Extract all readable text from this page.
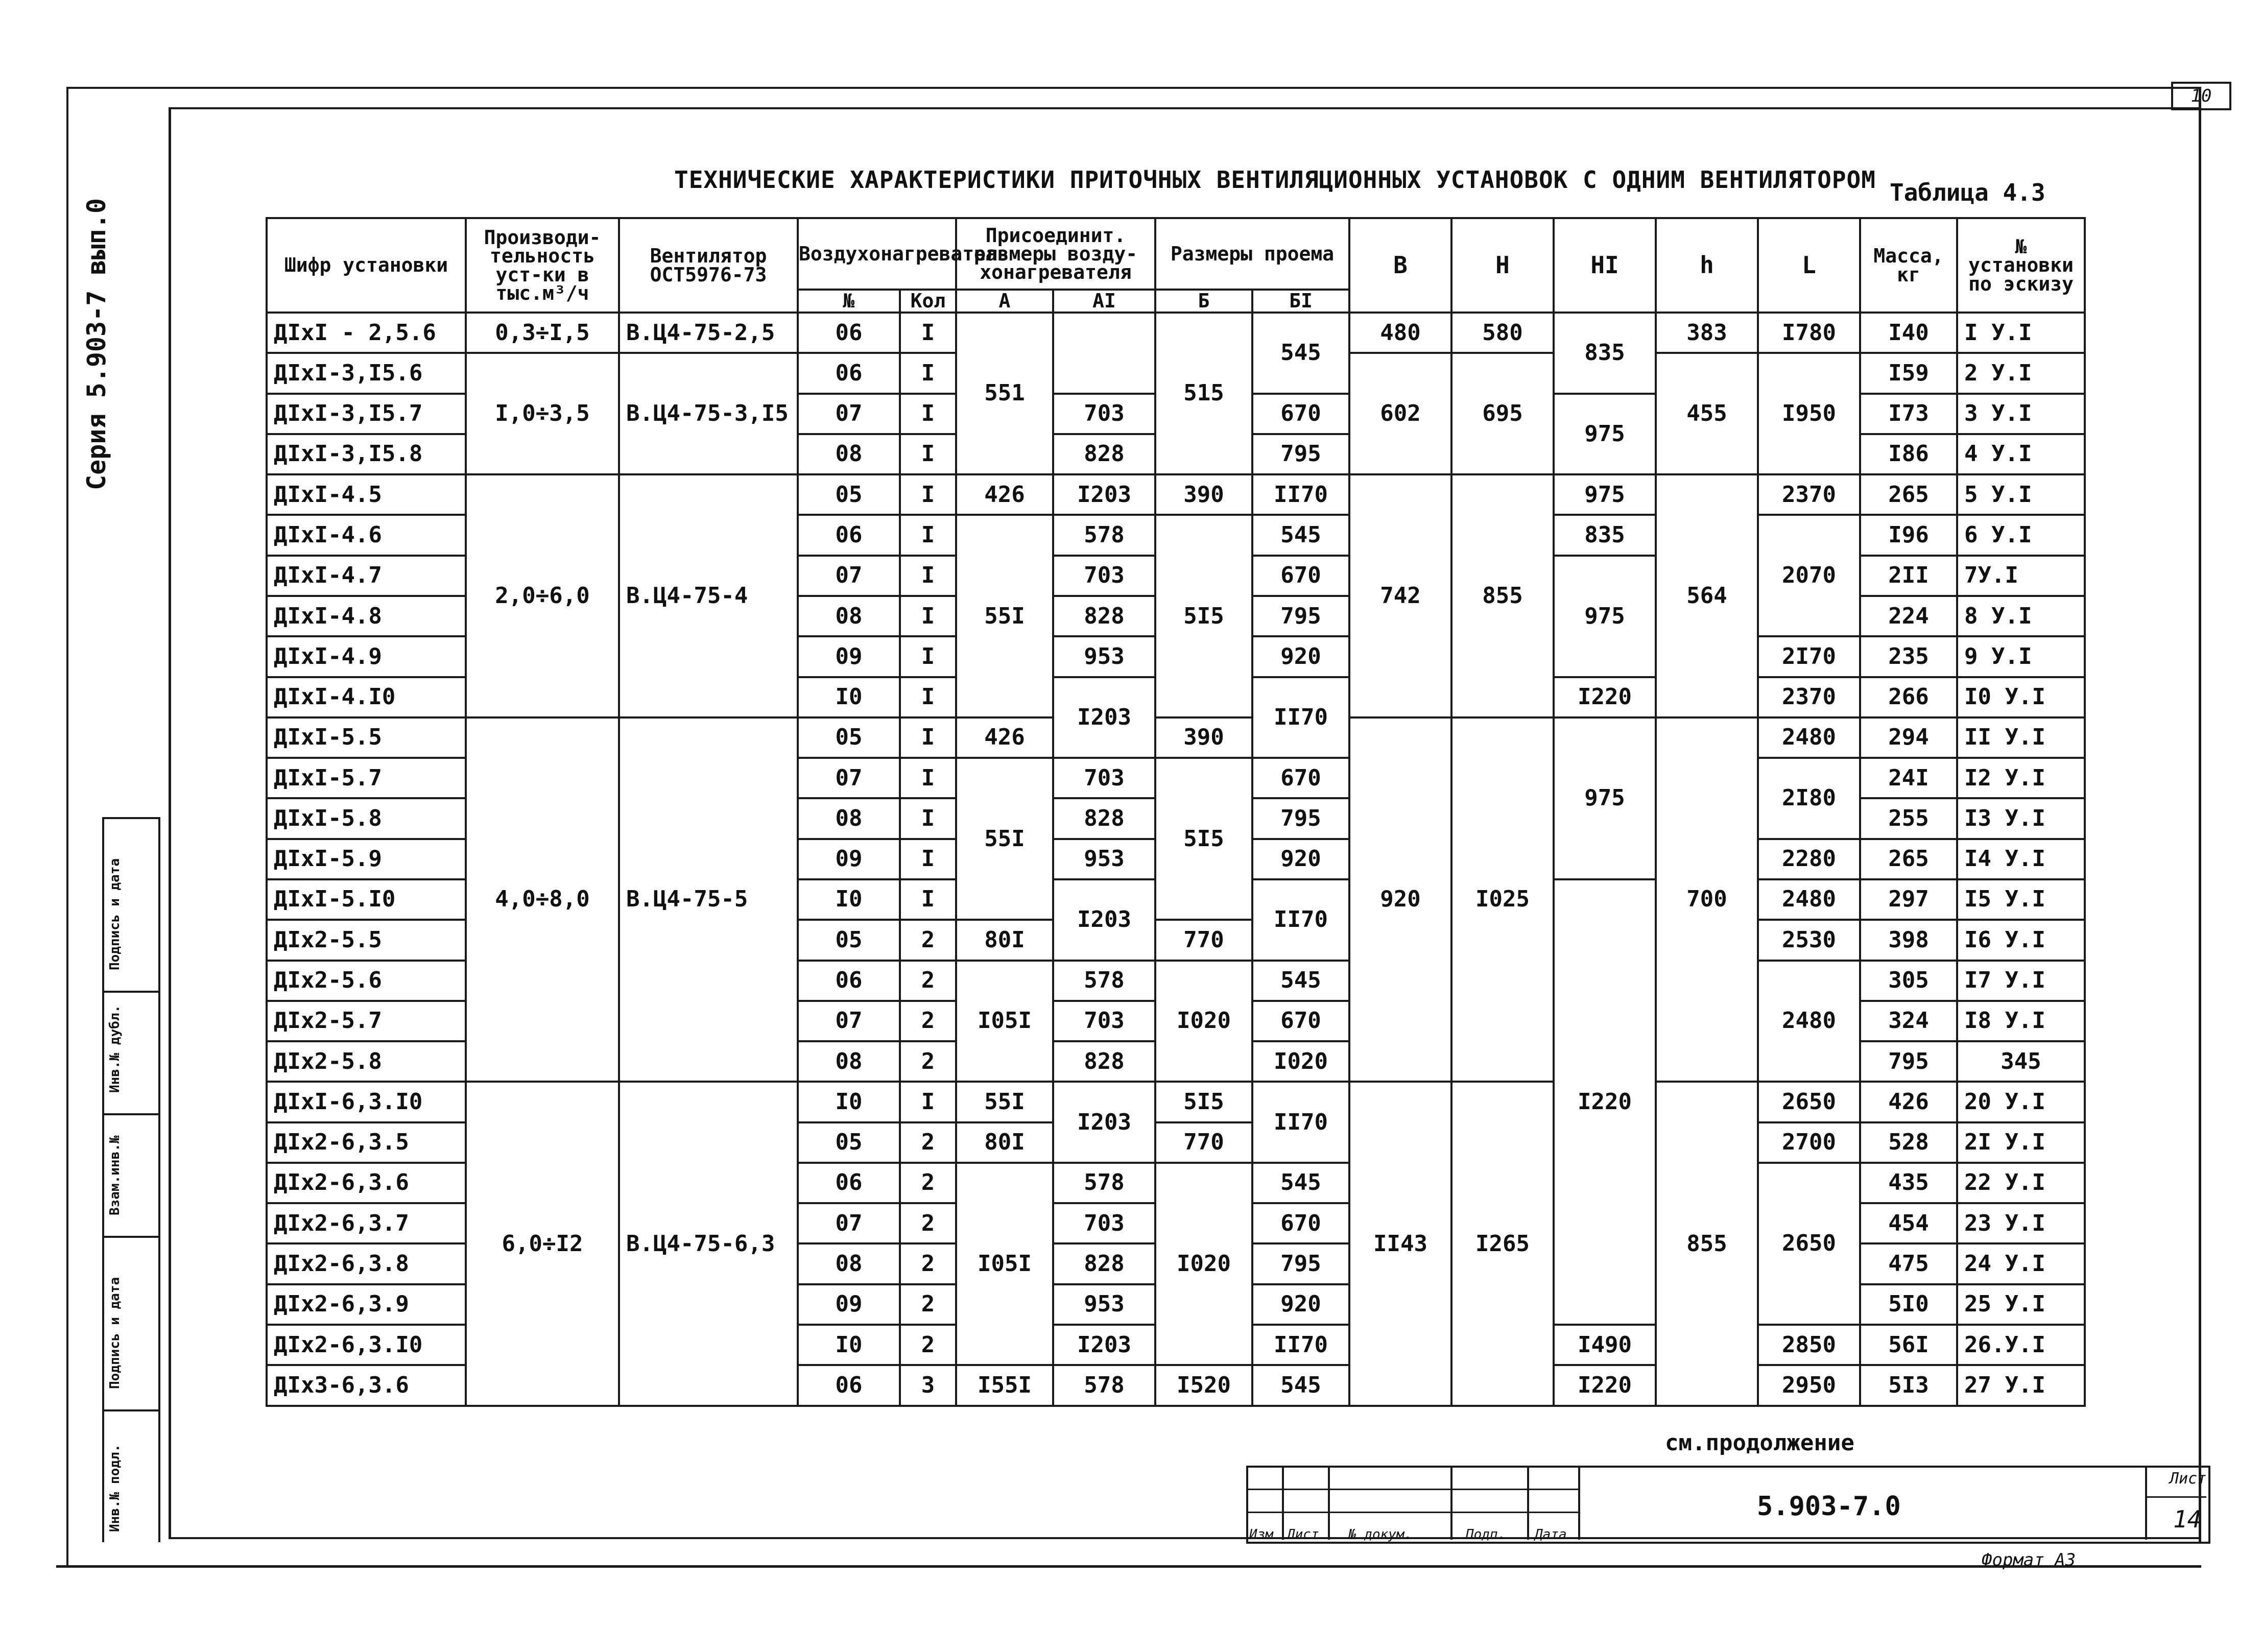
10
Серия 5.903-7 вып.0
Подпись и дата
Инв.№ дубл.
Взам.инв.№
Подпись и дата
Инв.№ подл.
ТЕХНИЧЕСКИЕ ХАРАКТЕРИСТИКИ ПРИТОЧНЫХ ВЕНТИЛЯЦИОННЫХ УСТАНОВОК С ОДНИМ ВЕНТИЛЯТОРОМ Таблица 4.3
Шифр установки	Производи- тельность уст-ки в тыс.м³/ч	Вентилятор ОСТ5976-73	Воздухонагреватель		Присоединит. размеры возду- хонагревателя		Размеры проема		В	Н	НI	h	L	Масса, кг	№ установки по эскизу	
			№	Кол	А	АI	Б	БI								
ДIхI - 2,5.6	0,3÷I,5	В.Ц4-75-2,5	06	I	551		515	545	480	580	835	383	I780	I40	I У.I	
ДIхI-3,I5.6	I,0÷3,5	В.Ц4-75-3,I5	06	I					602	695		455	I950	I59	2 У.I	
ДIхI-3,I5.7			07	I		703		670			975			I73	3 У.I	
ДIхI-3,I5.8			08	I		828		795						I86	4 У.I	
ДIхI-4.5	2,0÷6,0	В.Ц4-75-4	05	I	426	I203	390	II70	742	855	975	564	2370	265	5 У.I	
ДIхI-4.6			06	I	55I	578	5I5	545			835		2070	I96	6 У.I	
ДIхI-4.7			07	I		703		670			975			2II	7У.I	
ДIхI-4.8			08	I		828		795						224	8 У.I	
ДIхI-4.9			09	I		953		920					2I70	235	9 У.I	
ДIхI-4.I0			I0	I		I203		II70			I220		2370	266	I0 У.I	
ДIхI-5.5	4,0÷8,0	В.Ц4-75-5	05	I	426		390		920	I025	975	700	2480	294	II У.I	
ДIхI-5.7			07	I	55I	703	5I5	670					2I80	24I	I2 У.I	
ДIхI-5.8			08	I		828		795						255	I3 У.I	
ДIхI-5.9			09	I		953		920					2280	265	I4 У.I	
ДIхI-5.I0			I0	I		I203		II70			I220		2480	297	I5 У.I	
ДIх2-5.5			05	2	80I		770						2530	398	I6 У.I	
ДIх2-5.6			06	2	I05I	578	I020	545					2480	305	I7 У.I	
ДIх2-5.7			07	2		703		670						324	I8 У.I	
ДIх2-5.8			08	2		828		I020						795	345	
ДIхI-6,3.I0	6,0÷I2	В.Ц4-75-6,3	I0	I	55I	I203	5I5	II70	II43	I265		855	2650	426	20 У.I	
ДIх2-6,3.5			05	2	80I		770						2700	528	2I У.I	
ДIх2-6,3.6			06	2	I05I	578	I020	545					2650	435	22 У.I	
ДIх2-6,3.7			07	2		703		670						454	23 У.I	
ДIх2-6,3.8			08	2		828		795						475	24 У.I	
ДIх2-6,3.9			09	2		953		920						5I0	25 У.I	
ДIх2-6,3.I0			I0	2		I203		II70			I490		2850	56I	26.У.I	
ДIх3-6,3.6			06	3	I55I	578	I520	545			I220		2950	5I3	27 У.I	
см.продолжение
Изм Лист № докум.	Подп. Дата
5.903-7.0
Лист
14
Формат А3
